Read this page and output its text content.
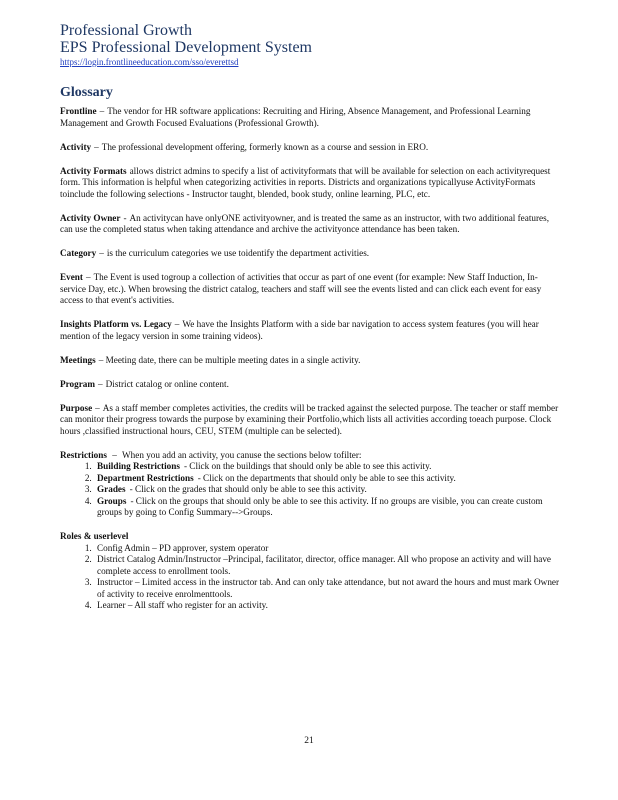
Professional Growth
EPS Professional Development System
https://login.frontlineeducation.com/sso/everettsd
Glossary
Frontline – The vendor for HR software applications: Recruiting and Hiring, Absence Management, and Professional Learning Management and Growth Focused Evaluations (Professional Growth).
Activity – The professional development offering, formerly known as a course and session in ERO.
Activity Formats allows district admins to specify a list of activityformats that will be available for selection on each activityrequest form. This information is helpful when categorizing activities in reports. Districts and organizations typicallyuse ActivityFormats toinclude the following selections - Instructor taught, blended, book study, online learning, PLC, etc.
Activity Owner - An activitycan have onlyONE activityowner, and is treated the same as an instructor, with two additional features, can use the completed status when taking attendance and archive the activityonce attendance has been taken.
Category – is the curriculum categories we use toidentify the department activities.
Event – The Event is used togroup a collection of activities that occur as part of one event (for example: New Staff Induction, In-service Day, etc.). When browsing the district catalog, teachers and staff will see the events listed and can click each event for easy access to that event's activities.
Insights Platform vs. Legacy – We have the Insights Platform with a side bar navigation to access system features (you will hear mention of the legacy version in some training videos).
Meetings – Meeting date, there can be multiple meeting dates in a single activity.
Program – District catalog or online content.
Purpose – As a staff member completes activities, the credits will be tracked against the selected purpose. The teacher or staff member can monitor their progress towards the purpose by examining their Portfolio,which lists all activities according toeach purpose. Clock hours ,classified instructional hours, CEU, STEM (multiple can be selected).
Restrictions – When you add an activity, you canuse the sections below tofilter:
1. Building Restrictions - Click on the buildings that should only be able to see this activity.
2. Department Restrictions - Click on the departments that should only be able to see this activity.
3. Grades - Click on the grades that should only be able to see this activity.
4. Groups - Click on the groups that should only be able to see this activity. If no groups are visible, you can create custom groups by going to Config Summary-->Groups.
Roles & userlevel
1. Config Admin – PD approver, system operator
2. District Catalog Admin/Instructor –Principal, facilitator, director, office manager. All who propose an activity and will have complete access to enrollment tools.
3. Instructor – Limited access in the instructor tab. And can only take attendance, but not award the hours and must mark Owner of activity to receive enrolmenttools.
4. Learner – All staff who register for an activity.
21
